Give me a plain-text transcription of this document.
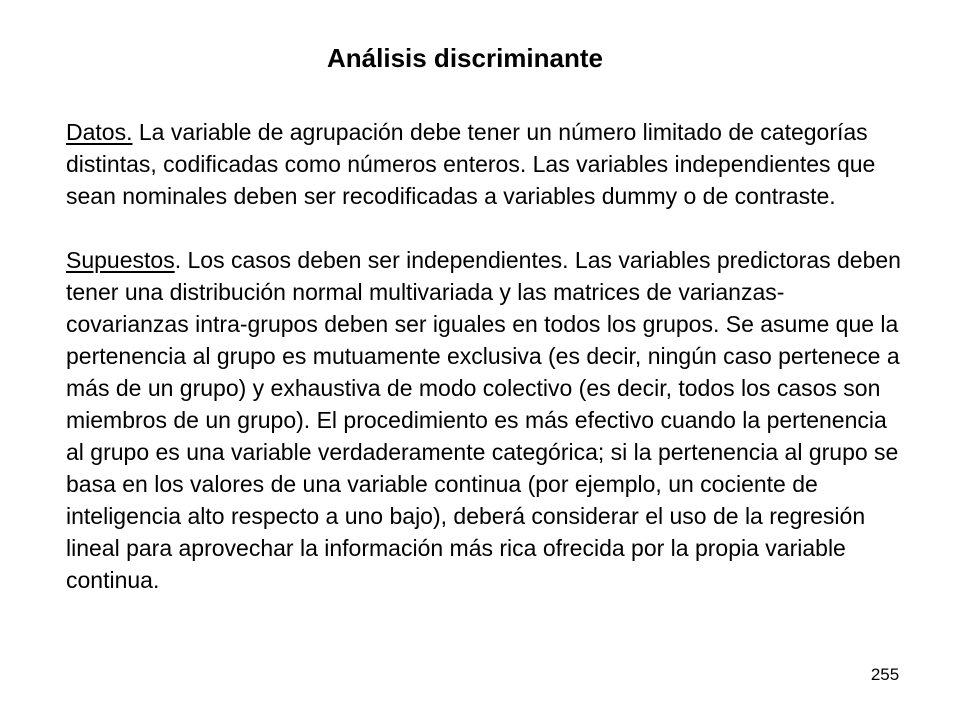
Análisis discriminante

Datos. La variable de agrupación debe tener un número limitado de categorías distintas, codificadas como números enteros. Las variables independientes que sean nominales deben ser recodificadas a variables dummy o de contraste.

Supuestos. Los casos deben ser independientes. Las variables predictoras deben tener una distribución normal multivariada y las matrices de varianzas-covarianzas intra-grupos deben ser iguales en todos los grupos. Se asume que la pertenencia al grupo es mutuamente exclusiva (es decir, ningún caso pertenece a más de un grupo) y exhaustiva de modo colectivo (es decir, todos los casos son miembros de un grupo). El procedimiento es más efectivo cuando la pertenencia al grupo es una variable verdaderamente categórica; si la pertenencia al grupo se basa en los valores de una variable continua (por ejemplo, un cociente de inteligencia alto respecto a uno bajo), deberá considerar el uso de la regresión lineal para aprovechar la información más rica ofrecida por la propia variable continua.

255
